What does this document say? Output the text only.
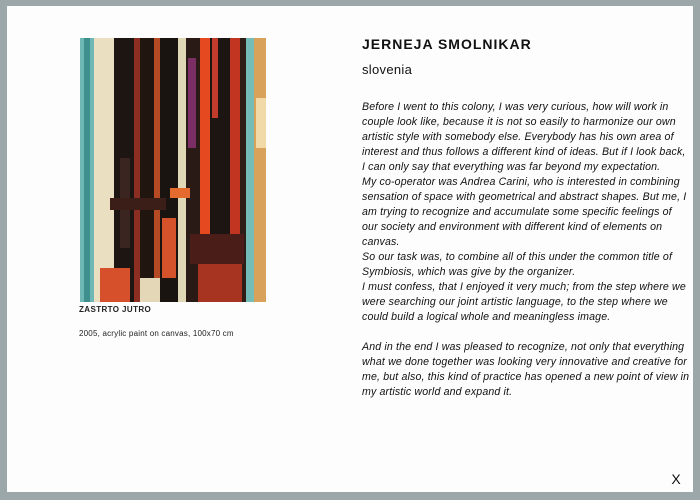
ZASTRTO JUTRO
2005, acrylic paint on canvas, 100x70 cm
JERNEJA SMOLNIKAR
slovenia

Before I went to this colony, I was very curious, how will work in couple look like, because it is not so easily to harmonize our own artistic style with somebody else. Everybody has his own area of interest and thus follows a different kind of ideas. But if I look back, I can only say that everything was far beyond my expectation.

My co-operator was Andrea Carini, who is interested in combining sensation of space with geometrical and abstract shapes. But me, I am trying to recognize and accumulate some specific feelings of our society and environment with different kind of elements on canvas.

So our task was, to combine all of this under the common title of Symbiosis, which was give by the organizer.

I must confess, that I enjoyed it very much; from the step where we were searching our joint artistic language, to the step where we could build a logical whole and meaningless image.

And in the end I was pleased to recognize, not only that everything what we done together was looking very innovative and creative for me, but also, this kind of practice has opened a new point of view in my artistic world and expand it.

X
